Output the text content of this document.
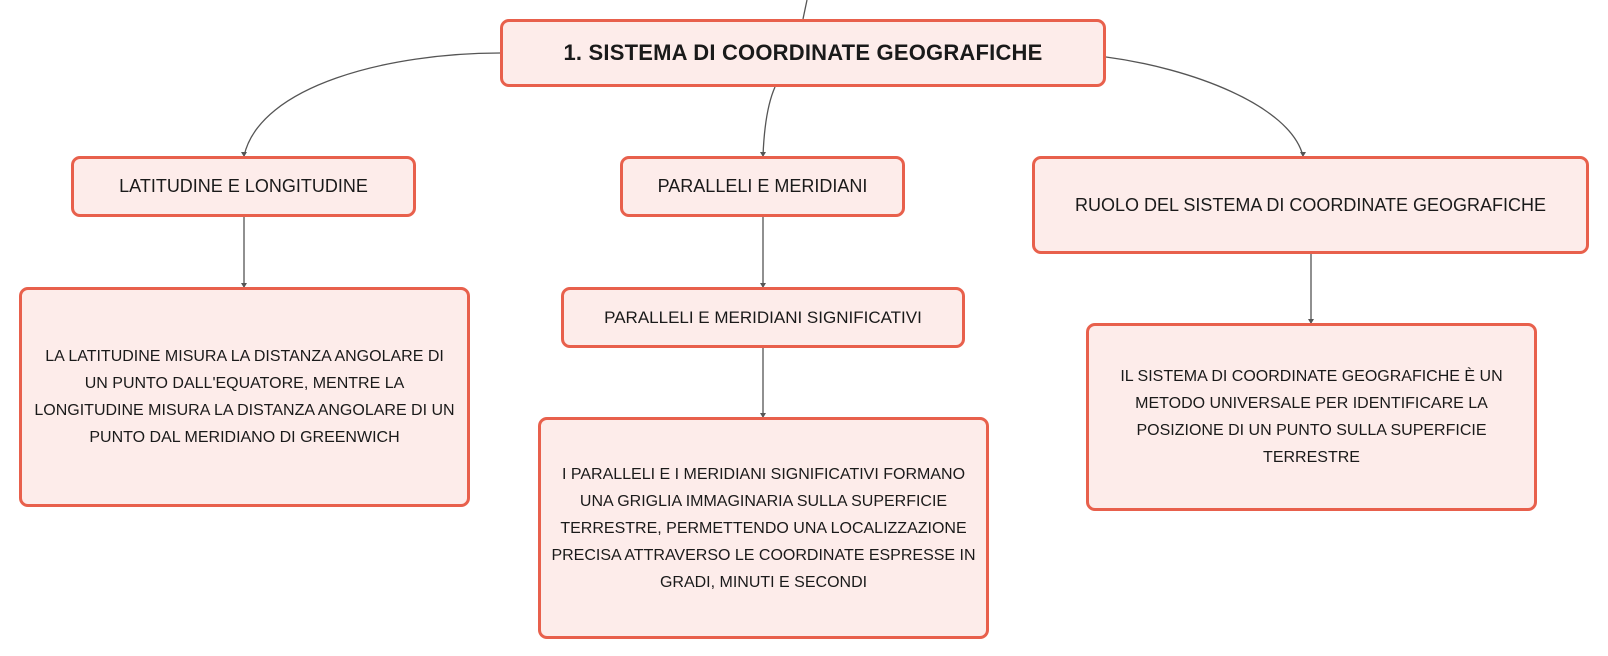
1. SISTEMA DI COORDINATE GEOGRAFICHE
LATITUDINE E LONGITUDINE	PARALLELI E MERIDIANI
RUOLO DEL SISTEMA DI COORDINATE GEOGRAFICHE
PARALLELI E MERIDIANI SIGNIFICATIVI
LA LATITUDINE MISURA LA DISTANZA ANGOLARE DI UN PUNTO DALL'EQUATORE, MENTRE LA LONGITUDINE MISURA LA DISTANZA ANGOLARE DI UN PUNTO DAL MERIDIANO DI GREENWICH
I PARALLELI E I MERIDIANI SIGNIFICATIVI FORMANO UNA GRIGLIA IMMAGINARIA SULLA SUPERFICIE TERRESTRE, PERMETTENDO UNA LOCALIZZAZIONE PRECISA ATTRAVERSO LE COORDINATE ESPRESSE IN GRADI, MINUTI E SECONDI
IL SISTEMA DI COORDINATE GEOGRAFICHE È UN METODO UNIVERSALE PER IDENTIFICARE LA POSIZIONE DI UN PUNTO SULLA SUPERFICIE TERRESTRE
